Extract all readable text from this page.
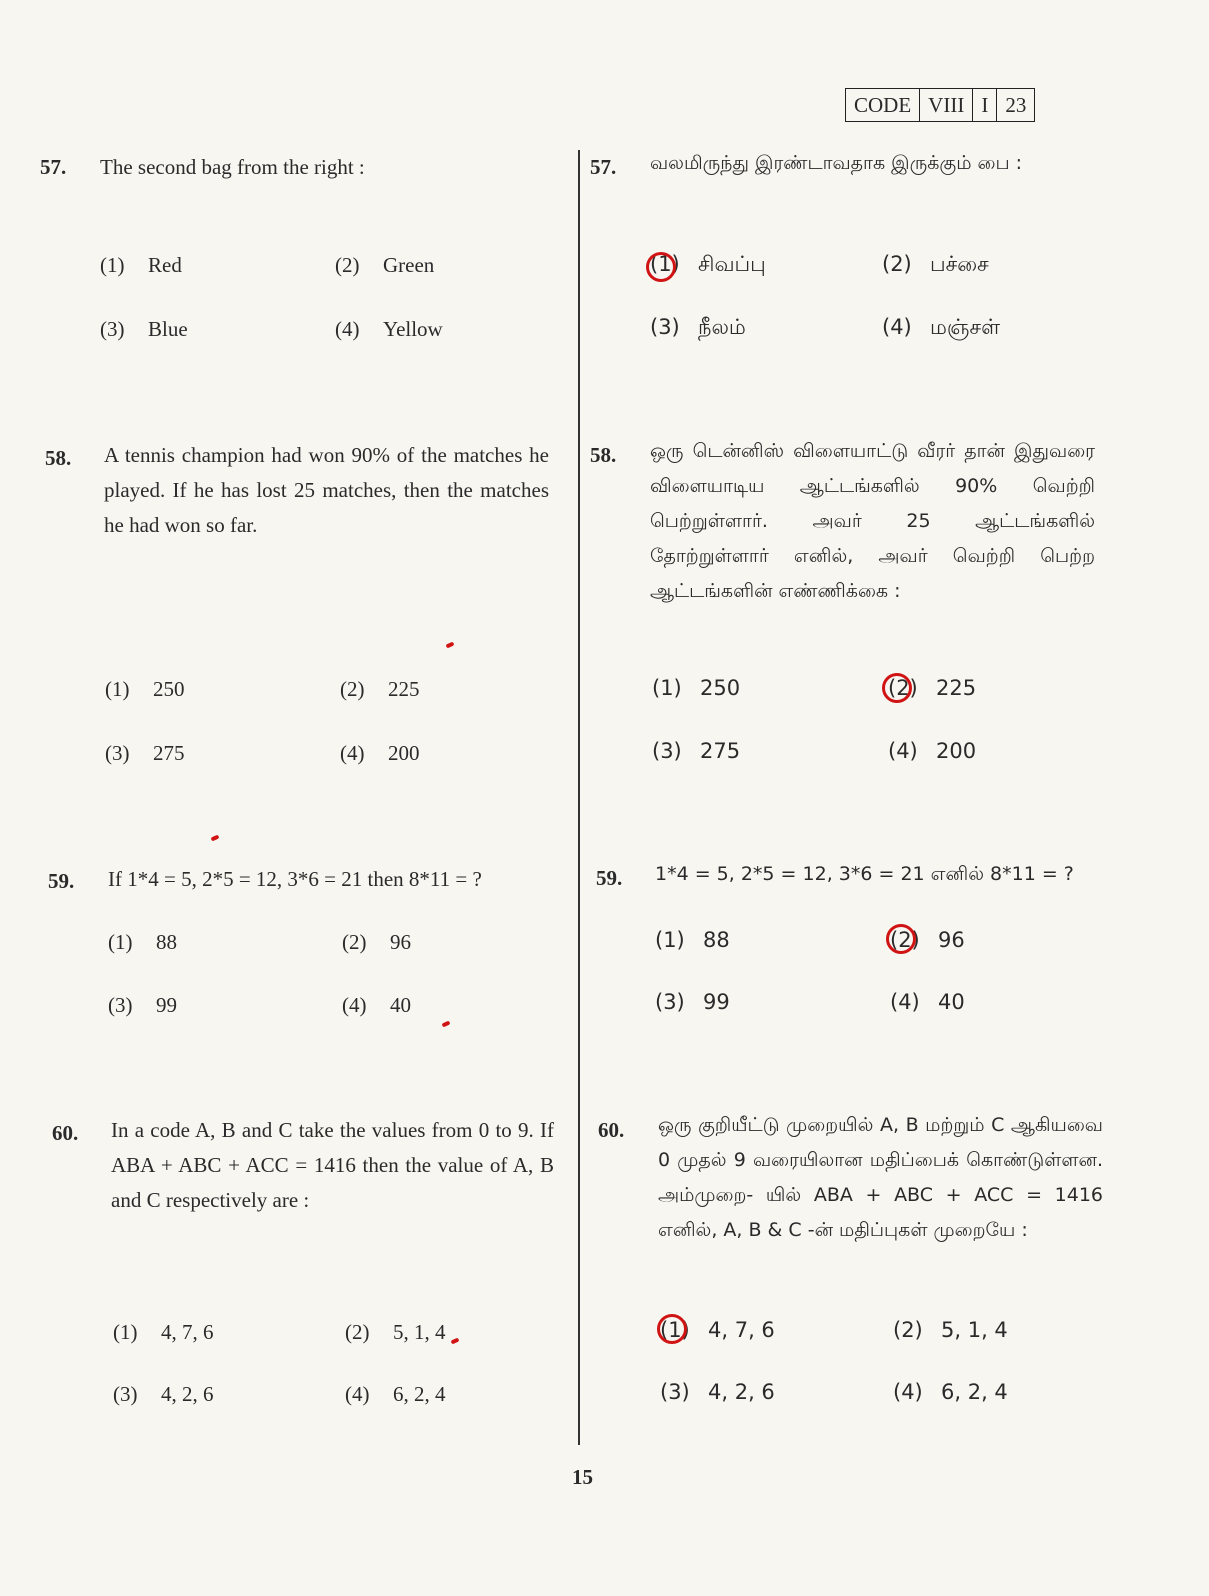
CODE VIII I 23
57. The second bag from the right :
(1) Red	(2) Green
(3) Blue	(4) Yellow
58. A tennis champion had won 90% of the matches he played. If he has lost 25 matches, then the matches he had won so far.
(1) 250	(2) 225
(3) 275	(4) 200
59. If 1*4 = 5, 2*5 = 12, 3*6 = 21 then 8*11 = ?
(1) 88	(2) 96
(3) 99	(4) 40
60. In a code A, B and C take the values from 0 to 9. If ABA + ABC + ACC = 1416 then the value of A, B and C respectively are :
(1) 4, 7, 6	(2) 5, 1, 4
(3) 4, 2, 6	(4) 6, 2, 4
57. வலமிருந்து இரண்டாவதாக இருக்கும் பை :
(1) சிவப்பு	(2) பச்சை
(3) நீலம்	(4) மஞ்சள்
58. ஒரு டென்னிஸ் விளையாட்டு வீரர் தான் இதுவரை விளையாடிய ஆட்டங்களில் 90% வெற்றி பெற்றுள்ளார். அவர் 25 ஆட்டங்களில் தோற்றுள்ளார் எனில், அவர் வெற்றி பெற்ற ஆட்டங்களின் எண்ணிக்கை :
(1) 250	(2) 225
(3) 275	(4) 200
59. 1*4 = 5, 2*5 = 12, 3*6 = 21 எனில் 8*11 = ?
(1) 88	(2) 96
(3) 99	(4) 40
60. ஒரு குறியீட்டு முறையில் A, B மற்றும் C ஆகியவை 0 முதல் 9 வரையிலான மதிப்பைக் கொண்டுள்ளன. அம்முறை- யில் ABA + ABC + ACC = 1416 எனில், A, B & C -ன் மதிப்புகள் முறையே :
(1) 4, 7, 6	(2) 5, 1, 4
(3) 4, 2, 6	(4) 6, 2, 4
15
